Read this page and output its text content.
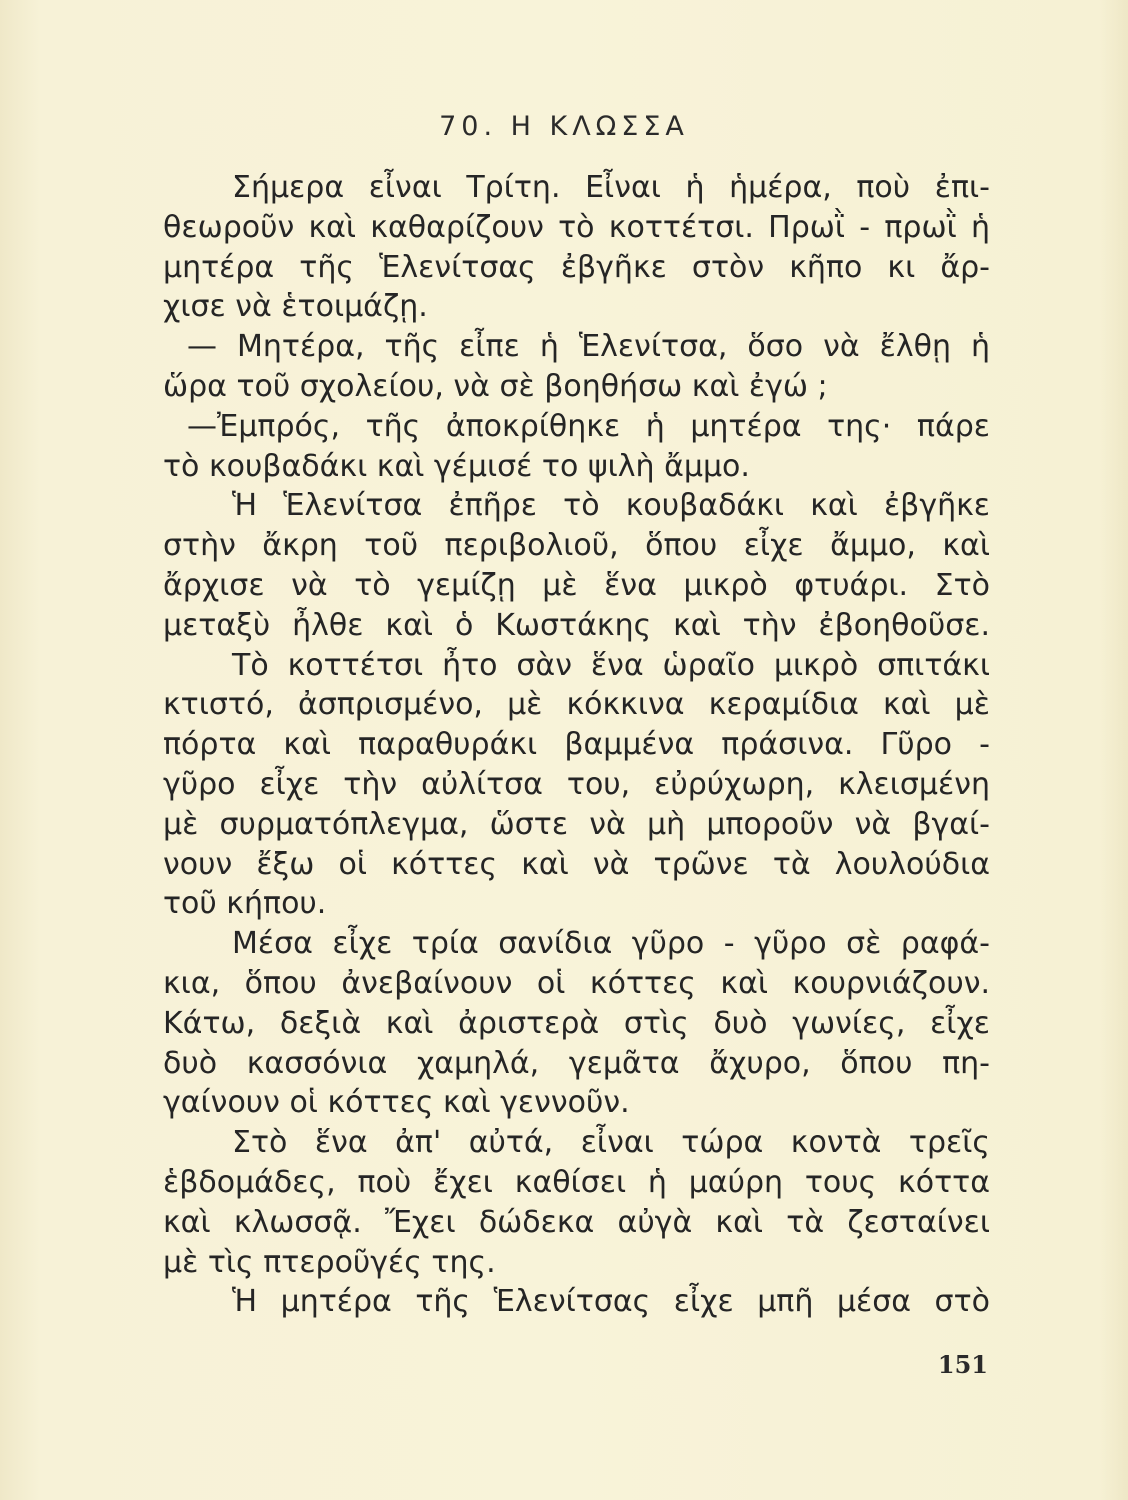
70. Η ΚΛΩΣΣΑ
Σήμερα εἶναι Τρίτη. Εἶναι ἡ ἡμέρα, ποὺ ἐπι-
θεωροῦν καὶ καθαρίζουν τὸ κοττέτσι. Πρωῒ - πρωῒ ἡ
μητέρα τῆς Ἑλενίτσας ἐβγῆκε στὸν κῆπο κι ἄρ-
χισε νὰ ἑτοιμάζῃ.
— Μητέρα, τῆς εἶπε ἡ Ἑλενίτσα, ὅσο νὰ ἔλθῃ ἡ
ὥρα τοῦ σχολείου, νὰ σὲ βοηθήσω καὶ ἐγώ ;
—Ἐμπρός, τῆς ἀποκρίθηκε ἡ μητέρα της· πάρε
τὸ κουβαδάκι καὶ γέμισέ το ψιλὴ ἄμμο.
Ἡ Ἑλενίτσα ἐπῆρε τὸ κουβαδάκι καὶ ἐβγῆκε
στὴν ἄκρη τοῦ περιβολιοῦ, ὅπου εἶχε ἄμμο, καὶ
ἄρχισε νὰ τὸ γεμίζῃ μὲ ἕνα μικρὸ φτυάρι. Στὸ
μεταξὺ ἦλθε καὶ ὁ Κωστάκης καὶ τὴν ἐβοηθοῦσε.
Τὸ κοττέτσι ἦτο σὰν ἕνα ὡραῖο μικρὸ σπιτάκι
κτιστό, ἀσπρισμένο, μὲ κόκκινα κεραμίδια καὶ μὲ
πόρτα καὶ παραθυράκι βαμμένα πράσινα. Γῦρο -
γῦρο εἶχε τὴν αὐλίτσα του, εὐρύχωρη, κλεισμένη
μὲ συρματόπλεγμα, ὥστε νὰ μὴ μποροῦν νὰ βγαί-
νουν ἔξω οἱ κόττες καὶ νὰ τρῶνε τὰ λουλούδια
τοῦ κήπου.
Μέσα εἶχε τρία σανίδια γῦρο - γῦρο σὲ ραφά-
κια, ὅπου ἀνεβαίνουν οἱ κόττες καὶ κουρνιάζουν.
Κάτω, δεξιὰ καὶ ἀριστερὰ στὶς δυὸ γωνίες, εἶχε
δυὸ κασσόνια χαμηλά, γεμᾶτα ἄχυρο, ὅπου πη-
γαίνουν οἱ κόττες καὶ γεννοῦν.
Στὸ ἕνα ἀπ' αὐτά, εἶναι τώρα κοντὰ τρεῖς
ἑβδομάδες, ποὺ ἔχει καθίσει ἡ μαύρη τους κόττα
καὶ κλωσσᾷ. Ἔχει δώδεκα αὐγὰ καὶ τὰ ζεσταίνει
μὲ τὶς πτεροῦγές της.
Ἡ μητέρα τῆς Ἑλενίτσας εἶχε μπῆ μέσα στὸ
151
